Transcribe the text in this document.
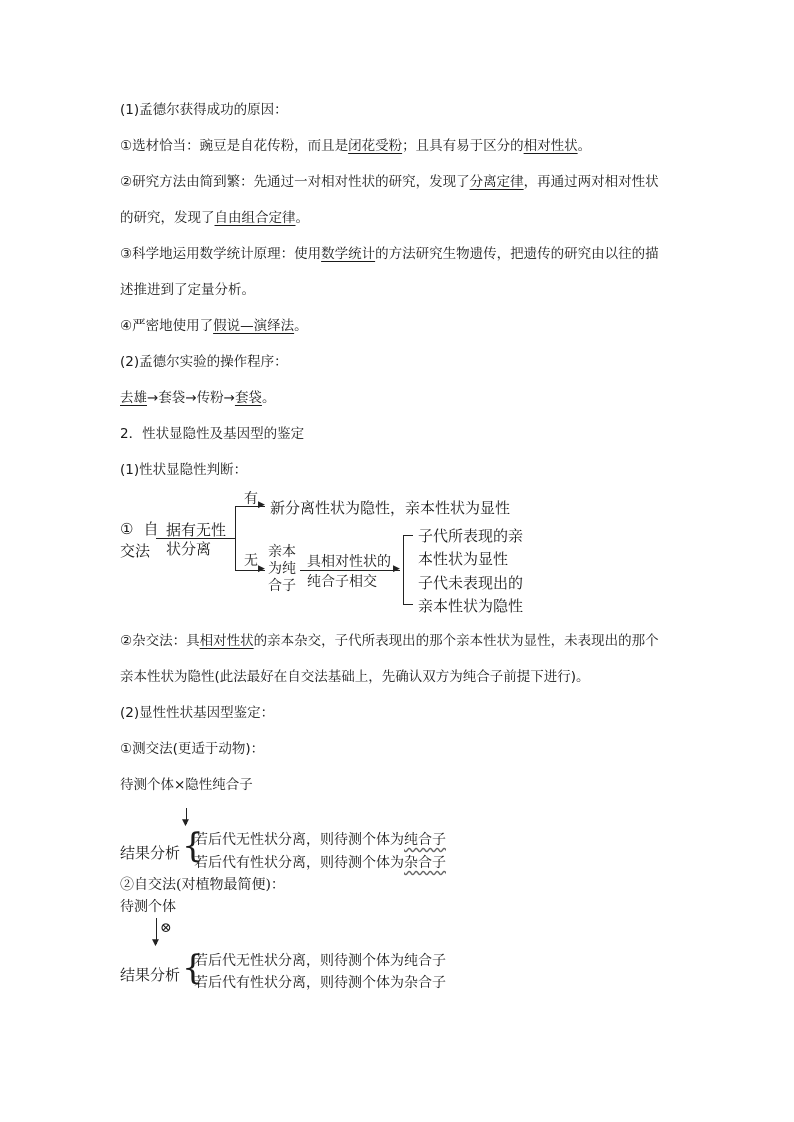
(1)孟德尔获得成功的原因：
①选材恰当：豌豆是自花传粉，而且是闭花受粉；且具有易于区分的相对性状。
②研究方法由简到繁：先通过一对相对性状的研究，发现了分离定律，再通过两对相对性状
的研究，发现了自由组合定律。
③科学地运用数学统计原理：使用数学统计的方法研究生物遗传，把遗传的研究由以往的描
述推进到了定量分析。
④严密地使用了假说—演绎法。
(2)孟德尔实验的操作程序：
去雄→套袋→传粉→套袋。
2．性状显隐性及基因型的鉴定
(1)性状显隐性判断：
① 自
交法
据有无性
状分离
▶
有 新分离性状为隐性，亲本性状为显性
▶
无
亲本
为纯
合子
▶
具相对性状的
纯合子相交
子代所表现的亲
本性状为显性
子代未表现出的
亲本性状为隐性
②杂交法：具相对性状的亲本杂交，子代所表现出的那个亲本性状为显性，未表现出的那个
亲本性状为隐性(此法最好在自交法基础上，先确认双方为纯合子前提下进行)。
(2)显性性状基因型鉴定：
①测交法(更适于动物)：
待测个体×隐性纯合子
▼
结果分析 {
若后代无性状分离，则待测个体为纯合子
若后代有性状分离，则待测个体为杂合子
②自交法(对植物最简便)：
待测个体
▼
⊗
结果分析 {
若后代无性状分离，则待测个体为纯合子
若后代有性状分离，则待测个体为杂合子
